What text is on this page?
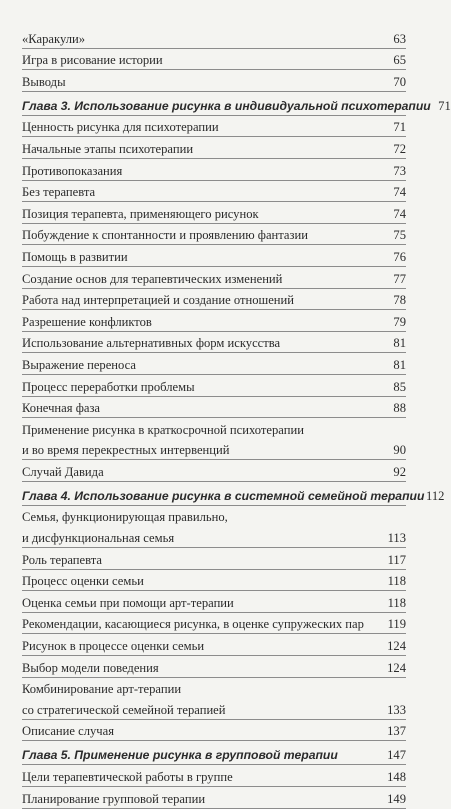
«Каракули»	63
Игра в рисование истории	65
Выводы	70
Глава 3. Использование рисунка в индивидуальной психотерапии 71
Ценность рисунка для психотерапии	71
Начальные этапы психотерапии	72
Противопоказания	73
Без терапевта	74
Позиция терапевта, применяющего рисунок	74
Побуждение к спонтанности и проявлению фантазии	75
Помощь в развитии	76
Создание основ для терапевтических изменений	77
Работа над интерпретацией и создание отношений	78
Разрешение конфликтов	79
Использование альтернативных форм искусства	81
Выражение переноса	81
Процесс переработки проблемы	85
Конечная фаза	88
Применение рисунка в краткосрочной психотерапии
и во время перекрестных интервенций	90
Случай Давида	92
Глава 4. Использование рисунка в системной семейной терапии 112
Семья, функционирующая правильно,
и дисфункциональная семья	113
Роль терапевта	117
Процесс оценки семьи	118
Оценка семьи при помощи арт-терапии	118
Рекомендации, касающиеся рисунка, в оценке супружеских пар	119
Рисунок в процессе оценки семьи	124
Выбор модели поведения	124
Комбинирование арт-терапии
со стратегической семейной терапией	133
Описание случая	137
Глава 5. Применение рисунка в групповой терапии	147
Цели терапевтической работы в группе	148
Планирование групповой терапии	149
